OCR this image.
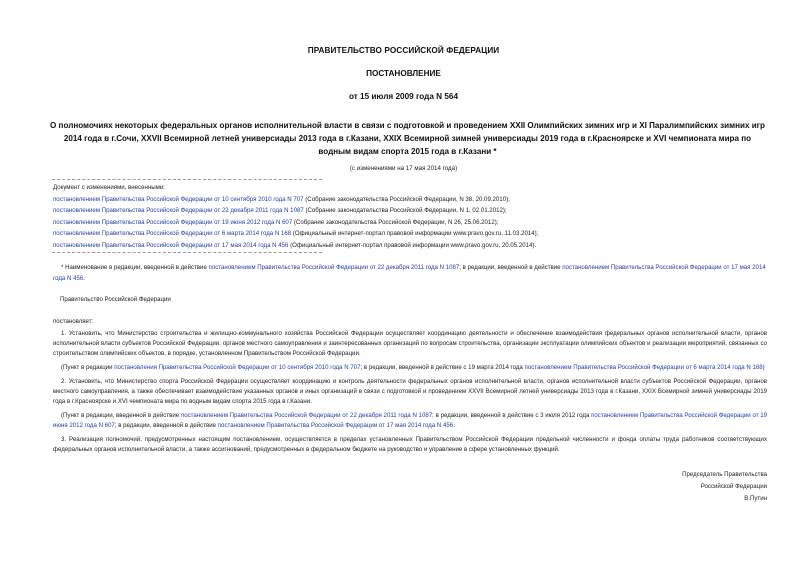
ПРАВИТЕЛЬСТВО РОССИЙСКОЙ ФЕДЕРАЦИИ
ПОСТАНОВЛЕНИЕ
от 15 июля 2009 года N 564
О полномочиях некоторых федеральных органов исполнительной власти в связи с подготовкой и проведением XXII Олимпийских зимних игр и XI Паралимпийских зимних игр 2014 года в г.Сочи, XXVII Всемирной летней универсиады 2013 года в г.Казани, XXIX Всемирной зимней универсиады 2019 года в г.Красноярске и XVI чемпионата мира по водным видам спорта 2015 года в г.Казани *
(с изменениями на 17 мая 2014 года)
Документ с изменениями, внесенными:
постановлением Правительства Российской Федерации от 10 сентября 2010 года N 707 (Собрание законодательства Российской Федерации, N 38, 20.09.2010);
постановлением Правительства Российской Федерации от 22 декабря 2011 года N 1087 (Собрание законодательства Российской Федерации, N 1, 02.01.2012);
постановлением Правительства Российской Федерации от 19 июня 2012 года N 607 (Собрание законодательства Российской Федерации, N 26, 25.06.2012);
постановлением Правительства Российской Федерации от 6 марта 2014 года N 168 (Официальный интернет-портал правовой информации www.pravo.gov.ru, 11.03.2014);
постановлением Правительства Российской Федерации от 17 мая 2014 года N 456 (Официальный интернет-портал правовой информации www.pravo.gov.ru, 20.05.2014).
* Наименование в редакции, введенной в действие постановлением Правительства Российской Федерации от 22 декабря 2011 года N 1087; в редакции, введенной в действие постановлением Правительства Российской Федерации от 17 мая 2014 года N 456.
Правительство Российской Федерации
постановляет:

1. Установить, что Министерство строительства и жилищно-коммунального хозяйства Российской Федерации осуществляет координацию деятельности и обеспечение взаимодействия федеральных органов исполнительной власти, органов исполнительной власти субъектов Российской Федерации, органов местного самоуправления и заинтересованных организаций по вопросам строительства, организации эксплуатации олимпийских объектов и реализации мероприятий, связанных со строительством олимпийских объектов, в порядке, установленном Правительством Российской Федерации.

(Пункт в редакции постановления Правительства Российской Федерации от 10 сентября 2010 года N 707; в редакции, введенной в действие с 19 марта 2014 года постановлением Правительства Российской Федерации от 6 марта 2014 года N 168)

2. Установить, что Министерство спорта Российской Федерации осуществляет координацию и контроль деятельности федеральных органов исполнительной власти, органов исполнительной власти субъектов Российской Федерации, органов местного самоуправления, а также обеспечивает взаимодействие указанных органов и иных организаций в связи с подготовкой и проведением XXVII Всемирной летней универсиады 2013 года в г.Казани, XXIX Всемирной зимней универсиады 2019 года в г.Красноярске и XVI чемпионата мира по водным видам спорта 2015 года в г.Казани.

(Пункт в редакции, введенной в действие постановлением Правительства Российской Федерации от 22 декабря 2011 года N 1087; в редакции, введенной в действие с 3 июля 2012 года постановлением Правительства Российской Федерации от 19 июня 2012 года N 607; в редакции, введенной в действие постановлением Правительства Российской Федерации от 17 мая 2014 года N 456.

3. Реализация полномочий, предусмотренных настоящим постановлением, осуществляется в пределах установленных Правительством Российской Федерации предельной численности и фонда оплаты труда работников соответствующих федеральных органов исполнительной власти, а также ассигнований, предусмотренных в федеральном бюджете на руководство и управление в сфере установленных функций.

Председатель Правительства
Российской Федерации
В.Путин
